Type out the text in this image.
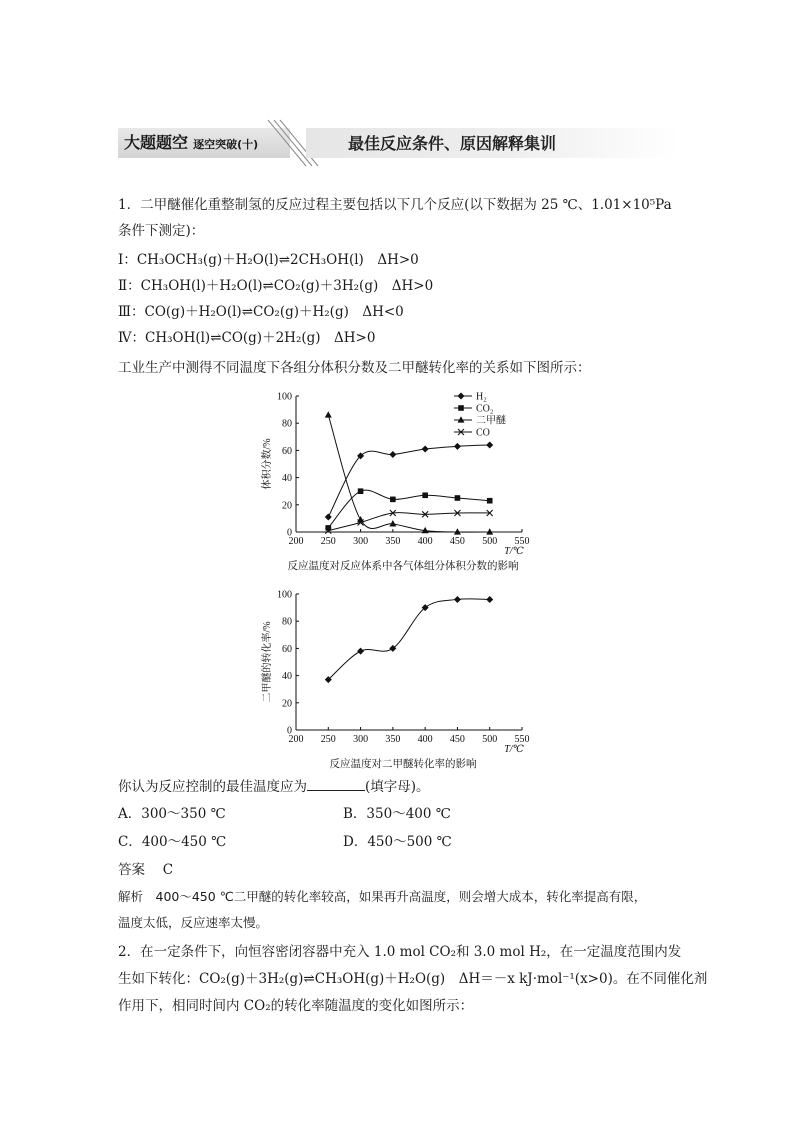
大题题空 逐空突破(十)	最佳反应条件、原因解释集训
1．二甲醚催化重整制氢的反应过程主要包括以下几个反应(以下数据为 25 ℃、1.01×10⁵Pa
条件下测定)：
Ⅰ：CH₃OCH₃(g)＋H₂O(l)⇌2CH₃OH(l)　ΔH>0
Ⅱ：CH₃OH(l)＋H₂O(l)⇌CO₂(g)＋3H₂(g)　ΔH>0
Ⅲ：CO(g)＋H₂O(l)⇌CO₂(g)＋H₂(g)　ΔH<0
Ⅳ：CH₃OH(l)⇌CO(g)＋2H₂(g)　ΔH>0
工业生产中测得不同温度下各组分体积分数及二甲醚转化率的关系如下图所示：
0
20
40
60
80
100
200 250 300 350 400 450 500 550
T/℃
体积分数/%
反应温度对反应体系中各气体组分体积分数的影响
H₂
CO₂
二甲醚
CO
0
20
40
60
80
100
200 250 300 350 400 450 500 550
T/℃
二甲醚的转化率/%
反应温度对二甲醚转化率的影响
你认为反应控制的最佳温度应为	(填字母)。
A．300～350 ℃	B．350～400 ℃
C．400～450 ℃	D．450～500 ℃
答案　 C
解析　400～450 ℃二甲醚的转化率较高，如果再升高温度，则会增大成本，转化率提高有限，
温度太低，反应速率太慢。
2．在一定条件下，向恒容密闭容器中充入 1.0 mol CO₂和 3.0 mol H₂，在一定温度范围内发
生如下转化：CO₂(g)＋3H₂(g)⇌CH₃OH(g)＋H₂O(g)　ΔH＝－x kJ·mol⁻¹(x>0)。在不同催化剂
作用下，相同时间内 CO₂的转化率随温度的变化如图所示：
